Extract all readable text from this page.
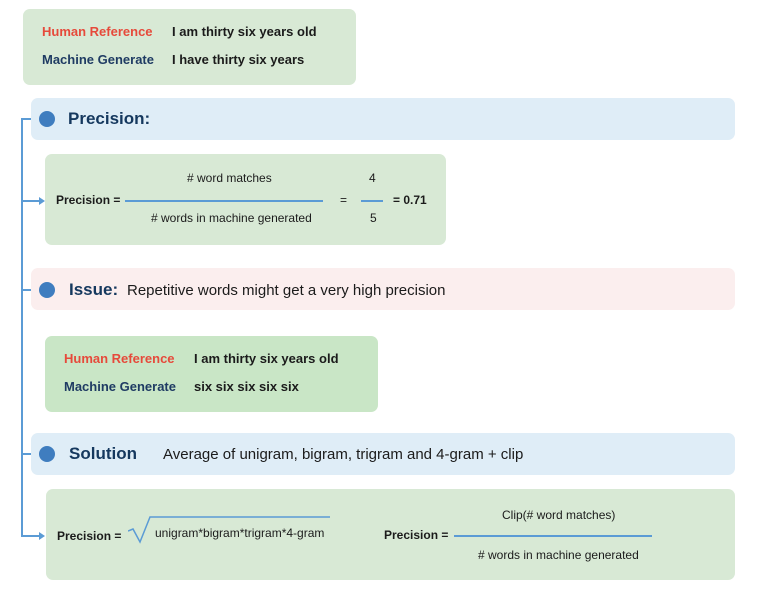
Human Reference I am thirty six years old
Machine Generate I have thirty six years
Precision:
Precision =
# word matches
# words in machine generated
=
4
5
= 0.71
Issue: Repetitive words might get a very high precision
Human Reference I am thirty six years old
Machine Generate six six six six six
Solution Average of unigram, bigram, trigram and 4-gram + clip
Precision =	unigram*bigram*trigram*4-gram	Precision =
Clip(# word matches)
# words in machine generated
